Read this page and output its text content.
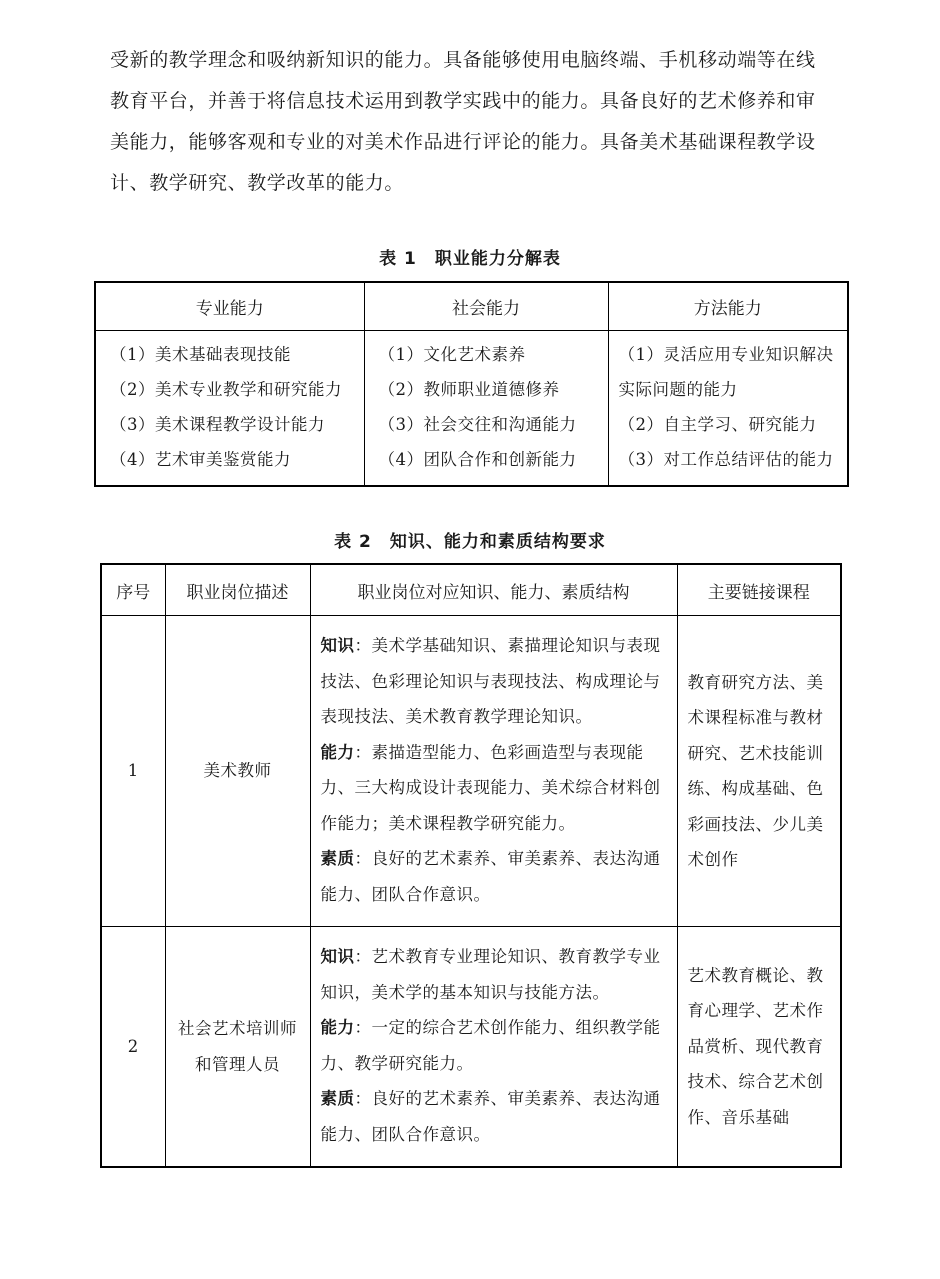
受新的教学理念和吸纳新知识的能力。具备能够使用电脑终端、手机移动端等在线教育平台，并善于将信息技术运用到教学实践中的能力。具备良好的艺术修养和审美能力，能够客观和专业的对美术作品进行评论的能力。具备美术基础课程教学设计、教学研究、教学改革的能力。

表 1　职业能力分解表

专业能力	社会能力	方法能力

（1）美术基础表现技能
（2）美术专业教学和研究能力
（3）美术课程教学设计能力
（4）艺术审美鉴赏能力	（1）文化艺术素养
（2）教师职业道德修养
（3）社会交往和沟通能力
（4）团队合作和创新能力	（1）灵活应用专业知识解决实际问题的能力
（2）自主学习、研究能力
（3）对工作总结评估的能力

表 2　知识、能力和素质结构要求

序号	职业岗位描述	职业岗位对应知识、能力、素质结构	主要链接课程
1	美术教师	知识：美术学基础知识、素描理论知识与表现技法、色彩理论知识与表现技法、构成理论与表现技法、美术教育教学理论知识。
能力：素描造型能力、色彩画造型与表现能力、三大构成设计表现能力、美术综合材料创作能力；美术课程教学研究能力。
素质：良好的艺术素养、审美素养、表达沟通能力、团队合作意识。	教育研究方法、美术课程标准与教材研究、艺术技能训练、构成基础、色彩画技法、少儿美术创作
2	社会艺术培训师和管理人员	知识：艺术教育专业理论知识、教育教学专业知识，美术学的基本知识与技能方法。
能力：一定的综合艺术创作能力、组织教学能力、教学研究能力。
素质：良好的艺术素养、审美素养、表达沟通能力、团队合作意识。	艺术教育概论、教育心理学、艺术作品赏析、现代教育技术、综合艺术创作、音乐基础
